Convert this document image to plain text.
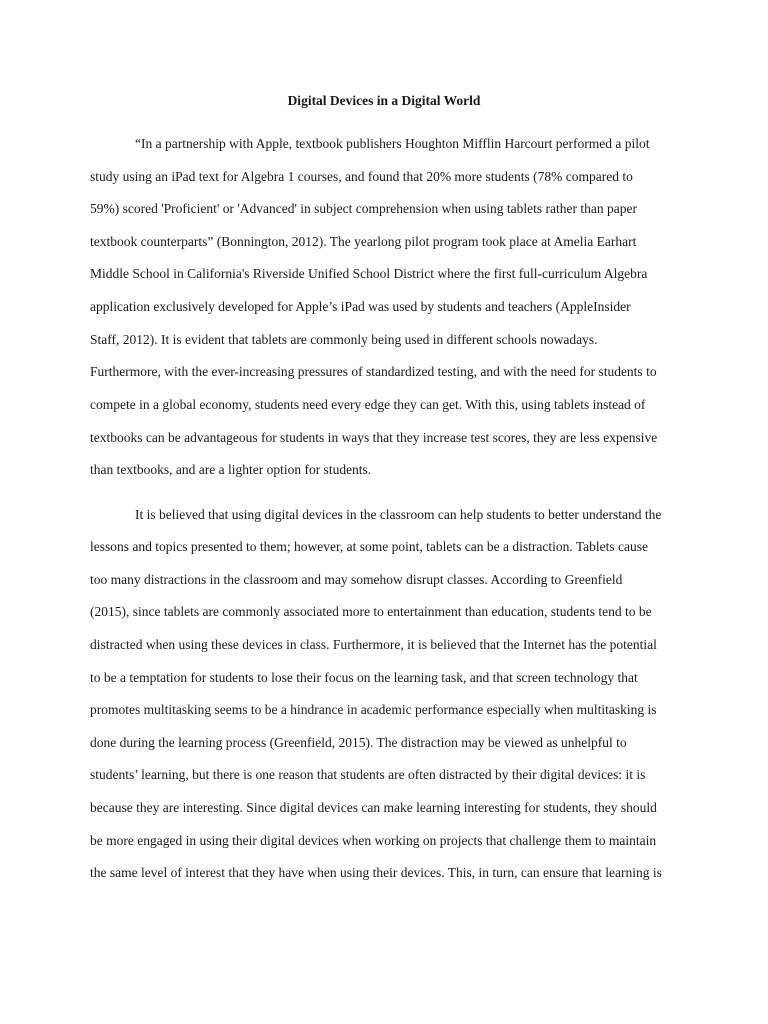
Digital Devices in a Digital World

“In a partnership with Apple, textbook publishers Houghton Mifflin Harcourt performed a pilot

study using an iPad text for Algebra 1 courses, and found that 20% more students (78% compared to

59%) scored 'Proficient' or 'Advanced' in subject comprehension when using tablets rather than paper

textbook counterparts” (Bonnington, 2012). The yearlong pilot program took place at Amelia Earhart

Middle School in California's Riverside Unified School District where the first full-curriculum Algebra

application exclusively developed for Apple’s iPad was used by students and teachers (AppleInsider

Staff, 2012). It is evident that tablets are commonly being used in different schools nowadays.

Furthermore, with the ever-increasing pressures of standardized testing, and with the need for students to

compete in a global economy, students need every edge they can get. With this, using tablets instead of

textbooks can be advantageous for students in ways that they increase test scores, they are less expensive

than textbooks, and are a lighter option for students.

It is believed that using digital devices in the classroom can help students to better understand the

lessons and topics presented to them; however, at some point, tablets can be a distraction. Tablets cause

too many distractions in the classroom and may somehow disrupt classes. According to Greenfield

(2015), since tablets are commonly associated more to entertainment than education, students tend to be

distracted when using these devices in class. Furthermore, it is believed that the Internet has the potential

to be a temptation for students to lose their focus on the learning task, and that screen technology that

promotes multitasking seems to be a hindrance in academic performance especially when multitasking is

done during the learning process (Greenfield, 2015). The distraction may be viewed as unhelpful to

students’ learning, but there is one reason that students are often distracted by their digital devices: it is

because they are interesting. Since digital devices can make learning interesting for students, they should

be more engaged in using their digital devices when working on projects that challenge them to maintain

the same level of interest that they have when using their devices. This, in turn, can ensure that learning is
